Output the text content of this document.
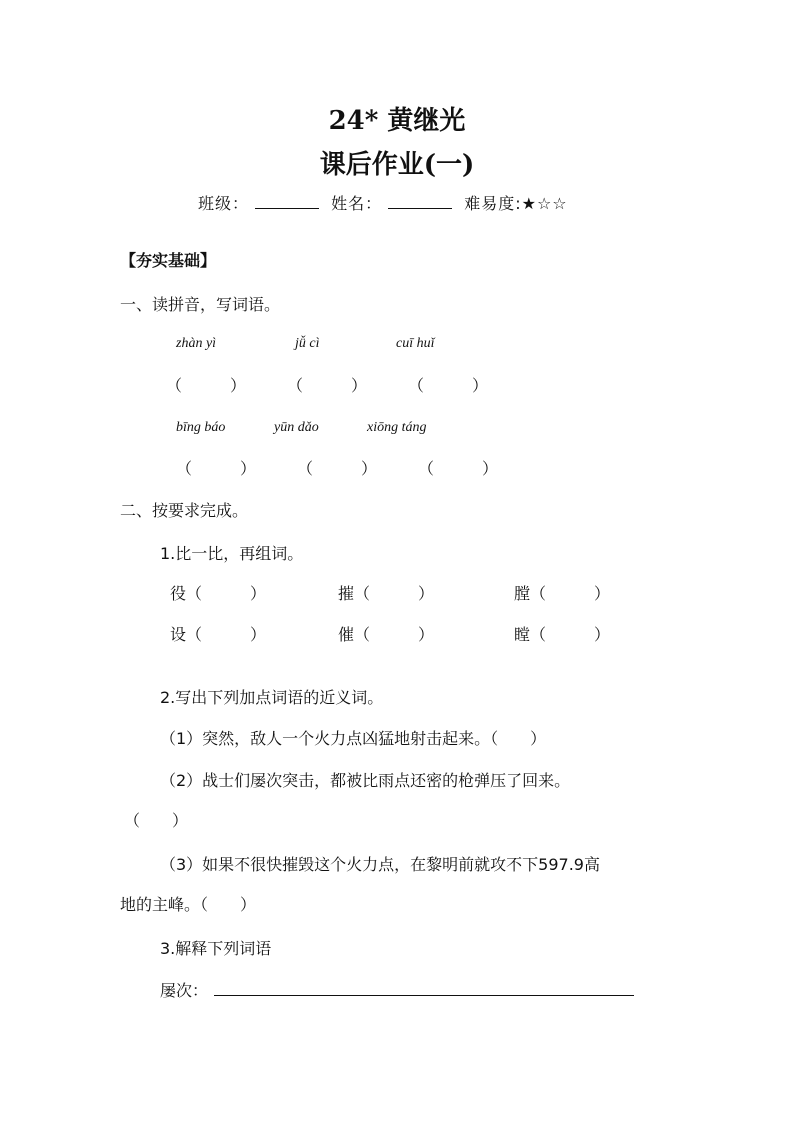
24* 黄继光
课后作业(一)
班级：	姓名：	难易度:★☆☆
【夯实基础】
一、读拼音，写词语。
zhàn yì	jǚ cì	cuī huǐ
（　　　）	（　　　）	（　　　）
bīng báo	yūn dǎo	xiōng táng
（　　　）	（　　　）	（　　　）
二、按要求完成。
1.比一比，再组词。
役（　　　）	摧（　　　）	膛（　　　）
设（　　　）	催（　　　）	瞠（　　　）
2.写出下列加点词语的近义词。
（1）突然，敌人一个火力点凶猛地射击起来。（　　）
（2）战士们屡次突击，都被比雨点还密的枪弹压了回来。
（　　）
（3）如果不很快摧毁这个火力点，在黎明前就攻不下597.9高
地的主峰。（　　）
3.解释下列词语
屡次：
